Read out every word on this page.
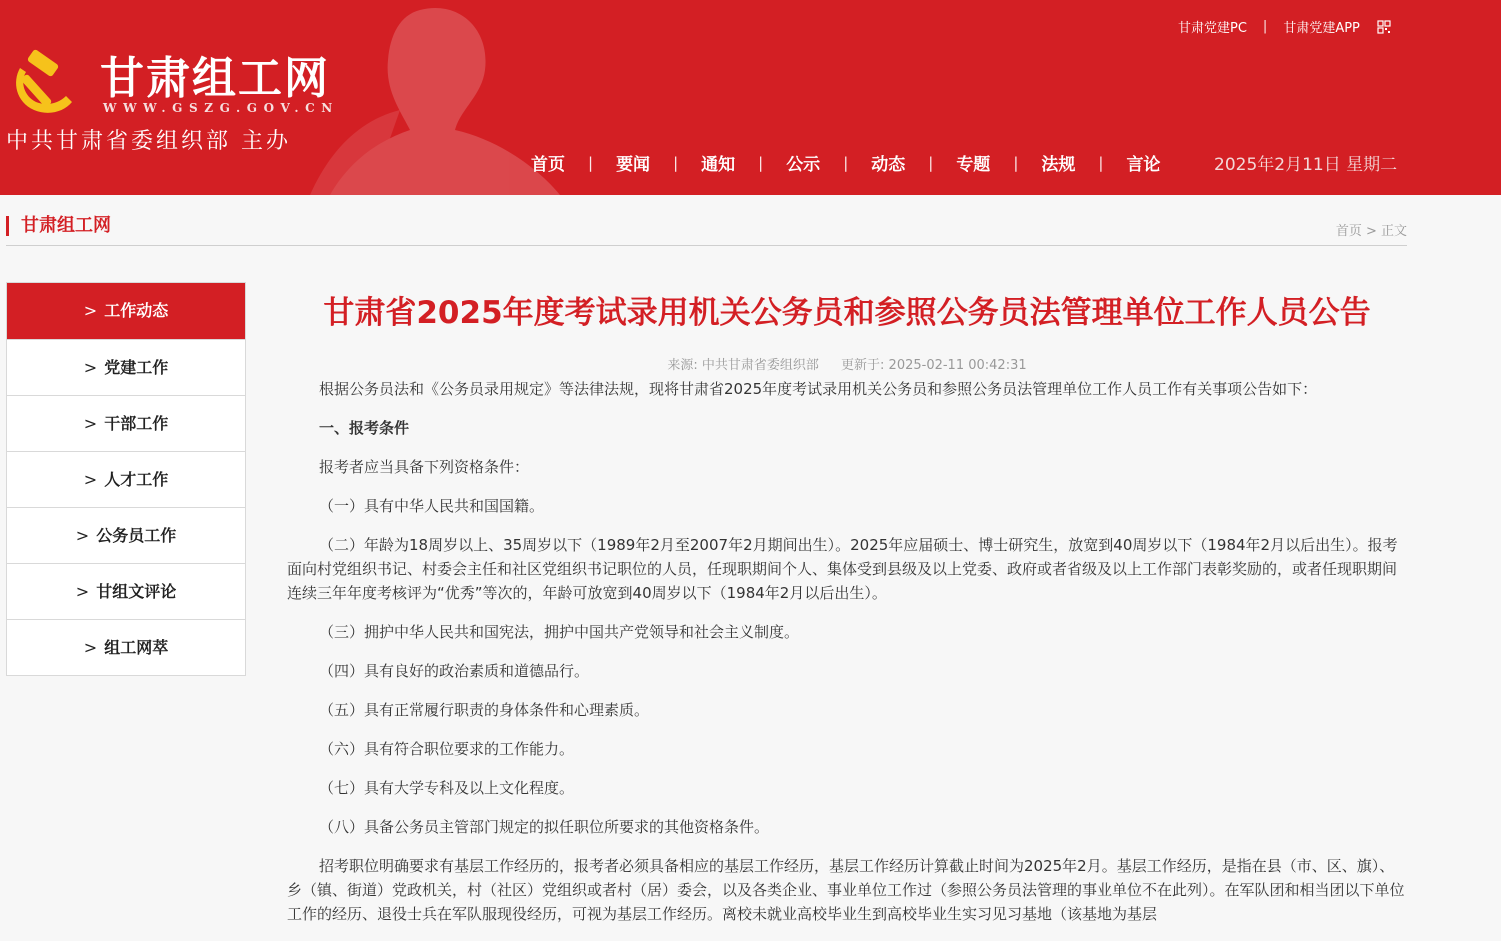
甘肃组工网
WWW.GSZG.GOV.CN
中共甘肃省委组织部 主办
甘肃党建PC | 甘肃党建APP
首页 | 要闻 | 通知 | 公示 | 动态 | 专题 | 法规 | 言论	2025年2月11日 星期二
甘肃组工网	首页 > 正文
> 工作动态
> 党建工作
> 干部工作
> 人才工作
> 公务员工作
> 甘组文评论
> 组工网萃
甘肃省2025年度考试录用机关公务员和参照公务员法管理单位工作人员公告
来源: 中共甘肃省委组织部 更新于: 2025-02-11 00:42:31

根据公务员法和《公务员录用规定》等法律法规，现将甘肃省2025年度考试录用机关公务员和参照公务员法管理单位工作人员工作有关事项公告如下：

一、报考条件

报考者应当具备下列资格条件：

（一）具有中华人民共和国国籍。

（二）年龄为18周岁以上、35周岁以下（1989年2月至2007年2月期间出生）。2025年应届硕士、博士研究生，放宽到40周岁以下（1984年2月以后出生）。报考面向村党组织书记、村委会主任和社区党组织书记职位的人员，任现职期间个人、集体受到县级及以上党委、政府或者省级及以上工作部门表彰奖励的，或者任现职期间连续三年年度考核评为“优秀”等次的，年龄可放宽到40周岁以下（1984年2月以后出生）。

（三）拥护中华人民共和国宪法，拥护中国共产党领导和社会主义制度。

（四）具有良好的政治素质和道德品行。

（五）具有正常履行职责的身体条件和心理素质。

（六）具有符合职位要求的工作能力。

（七）具有大学专科及以上文化程度。

（八）具备公务员主管部门规定的拟任职位所要求的其他资格条件。

招考职位明确要求有基层工作经历的，报考者必须具备相应的基层工作经历，基层工作经历计算截止时间为2025年2月。基层工作经历，是指在县（市、区、旗）、乡（镇、街道）党政机关，村（社区）党组织或者村（居）委会，以及各类企业、事业单位工作过（参照公务员法管理的事业单位不在此列）。在军队团和相当团以下单位工作的经历、退役士兵在军队服现役经历，可视为基层工作经历。离校未就业高校毕业生到高校毕业生实习见习基地（该基地为基层
